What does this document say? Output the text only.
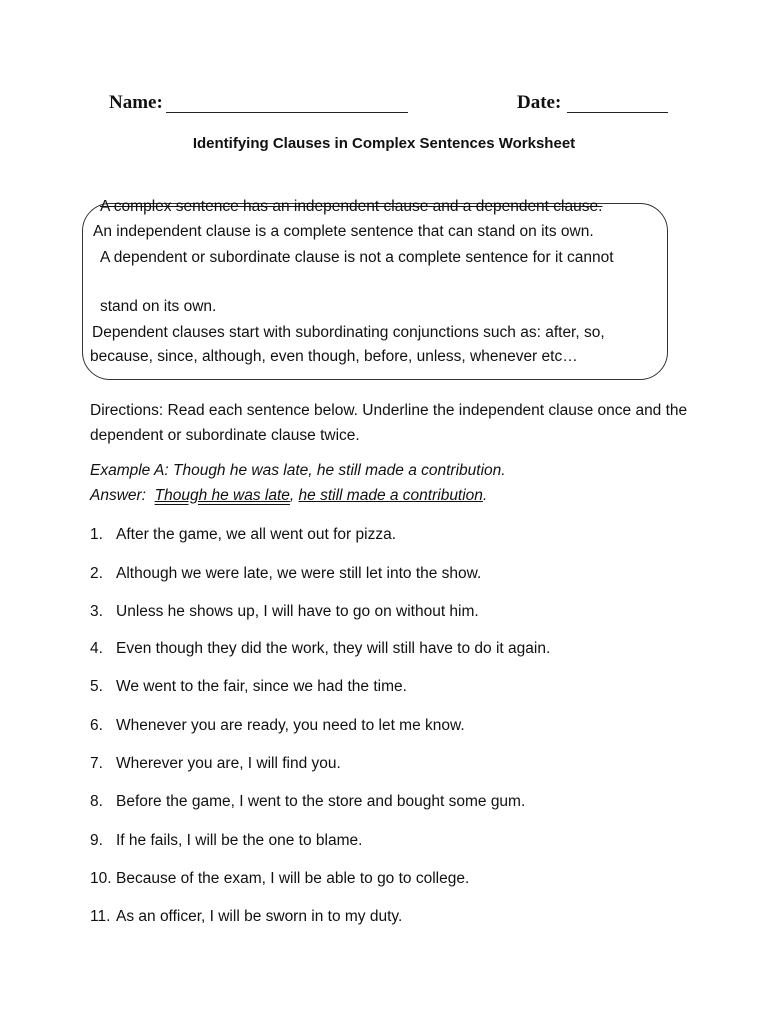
Name:	Date:
Identifying Clauses in Complex Sentences Worksheet
A complex sentence has an independent clause and a dependent clause.
An independent clause is a complete sentence that can stand on its own.
A dependent or subordinate clause is not a complete sentence for it cannot
stand on its own.
Dependent clauses start with subordinating conjunctions such as: after, so,
because, since, although, even though, before, unless, whenever etc…
Directions: Read each sentence below. Underline the independent clause once and the dependent or subordinate clause twice.
Example A: Though he was late, he still made a contribution.
Answer: Though he was late, he still made a contribution.
1. After the game, we all went out for pizza.
2. Although we were late, we were still let into the show.
3. Unless he shows up, I will have to go on without him.
4. Even though they did the work, they will still have to do it again.
5. We went to the fair, since we had the time.
6. Whenever you are ready, you need to let me know.
7. Wherever you are, I will find you.
8. Before the game, I went to the store and bought some gum.
9. If he fails, I will be the one to blame.
10. Because of the exam, I will be able to go to college.
11. As an officer, I will be sworn in to my duty.
